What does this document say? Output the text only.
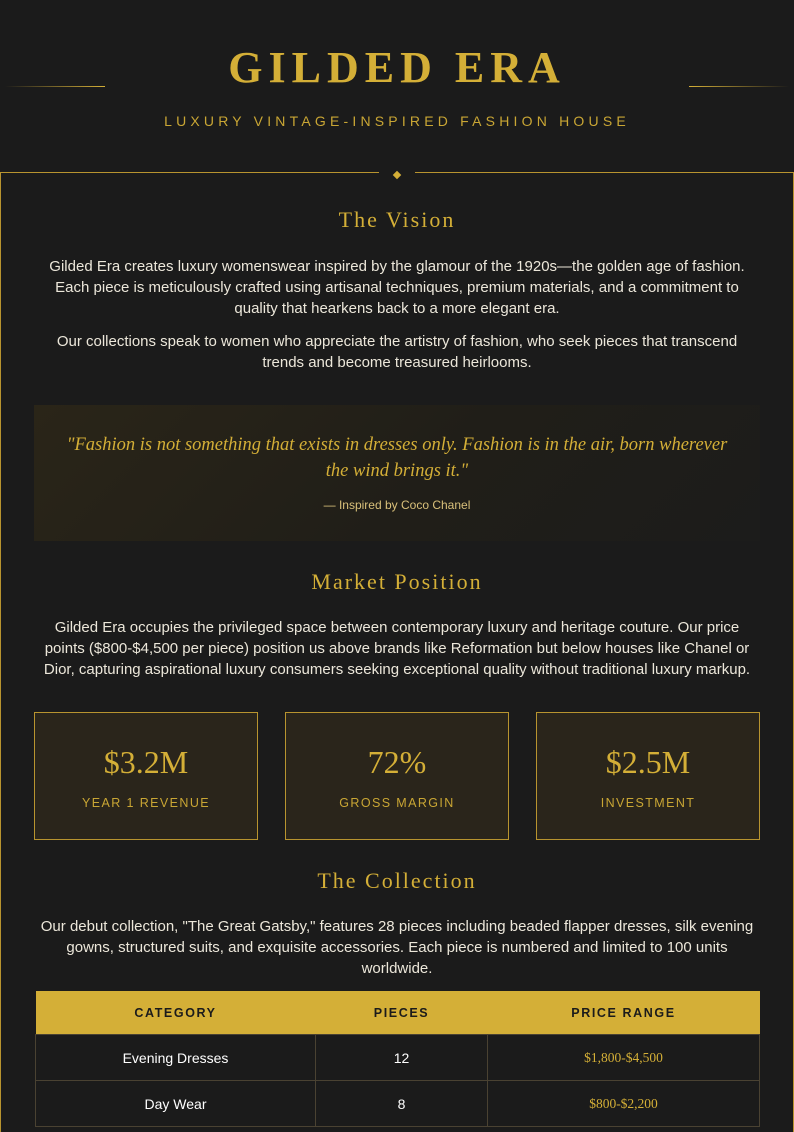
GILDED ERA
LUXURY VINTAGE-INSPIRED FASHION HOUSE
The Vision

Gilded Era creates luxury womenswear inspired by the glamour of the 1920s—the golden age of fashion. Each piece is meticulously crafted using artisanal techniques, premium materials, and a commitment to quality that hearkens back to a more elegant era.

Our collections speak to women who appreciate the artistry of fashion, who seek pieces that transcend trends and become treasured heirlooms.

"Fashion is not something that exists in dresses only. Fashion is in the air, born wherever the wind brings it."

— Inspired by Coco Chanel
Market Position

Gilded Era occupies the privileged space between contemporary luxury and heritage couture. Our price points ($800-$4,500 per piece) position us above brands like Reformation but below houses like Chanel or Dior, capturing aspirational luxury consumers seeking exceptional quality without traditional luxury markup.

$3.2M
YEAR 1 REVENUE
72%
GROSS MARGIN
$2.5M
INVESTMENT
The Collection

Our debut collection, "The Great Gatsby," features 28 pieces including beaded flapper dresses, silk evening gowns, structured suits, and exquisite accessories. Each piece is numbered and limited to 100 units worldwide.

CATEGORY	PIECES	PRICE RANGE
Evening Dresses	12	$1,800-$4,500
Day Wear	8	$800-$2,200
